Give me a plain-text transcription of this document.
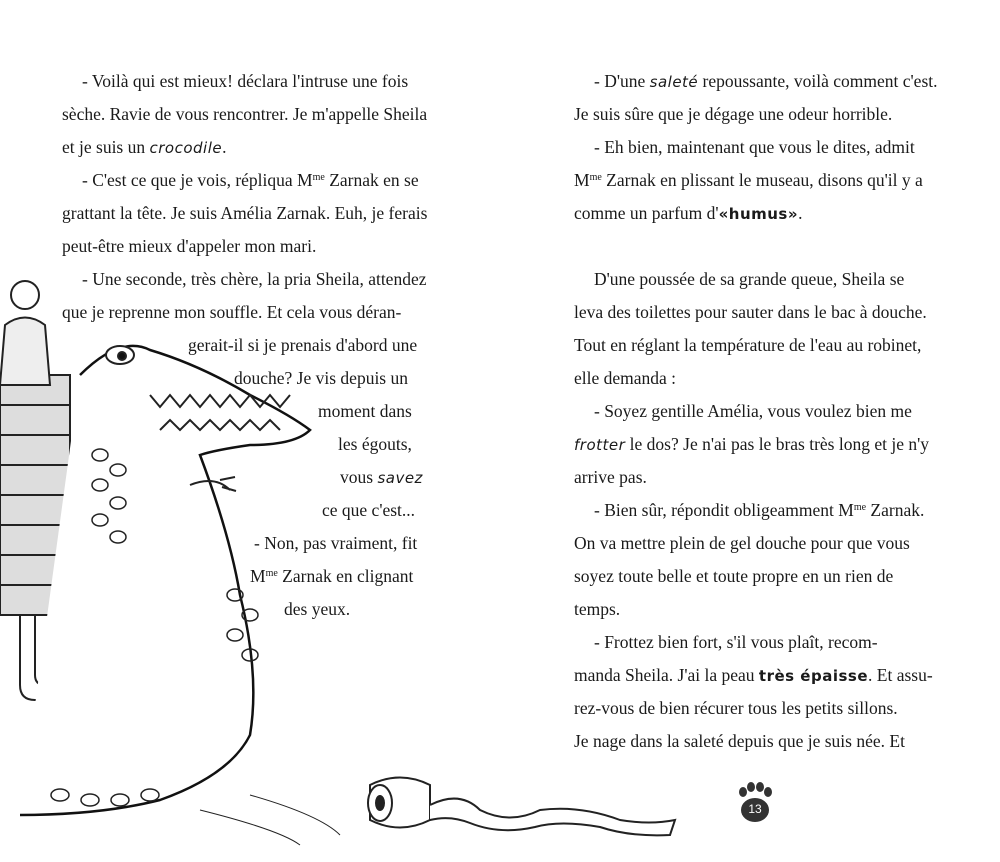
- Voilà qui est mieux! déclara l'intruse une fois
sèche. Ravie de vous rencontrer. Je m'appelle Sheila
et je suis un crocodile.
- C'est ce que je vois, répliqua $M^{me}$ Zarnak en se
grattant la tête. Je suis Amélia Zarnak. Euh, je ferais
peut-être mieux d'appeler mon mari.
- Une seconde, très chère, la pria Sheila, attendez
que je reprenne mon souffle. Et cela vous déran-
gerait-il si je prenais d'abord une
douche? Je vis depuis un
moment dans
les égouts,
vous savez
ce que c'est...
- Non, pas vraiment, fit
$M^{me}$ Zarnak en clignant
des yeux.
- D'une saleté repoussante, voilà comment c'est.
Je suis sûre que je dégage une odeur horrible.
- Eh bien, maintenant que vous le dites, admit
$M^{me}$ Zarnak en plissant le museau, disons qu'il y a
comme un parfum d'«humus».
D'une poussée de sa grande queue, Sheila se
leva des toilettes pour sauter dans le bac à douche.
Tout en réglant la température de l'eau au robinet,
elle demanda :
- Soyez gentille Amélia, vous voulez bien me
frotter le dos? Je n'ai pas le bras très long et je n'y
arrive pas.
- Bien sûr, répondit obligeamment $M^{me}$ Zarnak.
On va mettre plein de gel douche pour que vous
soyez toute belle et toute propre en un rien de
temps.
- Frottez bien fort, s'il vous plaît, recom-
manda Sheila. J'ai la peau très épaisse. Et assu-
rez-vous de bien récurer tous les petits sillons.
Je nage dans la saleté depuis que je suis née. Et
13
